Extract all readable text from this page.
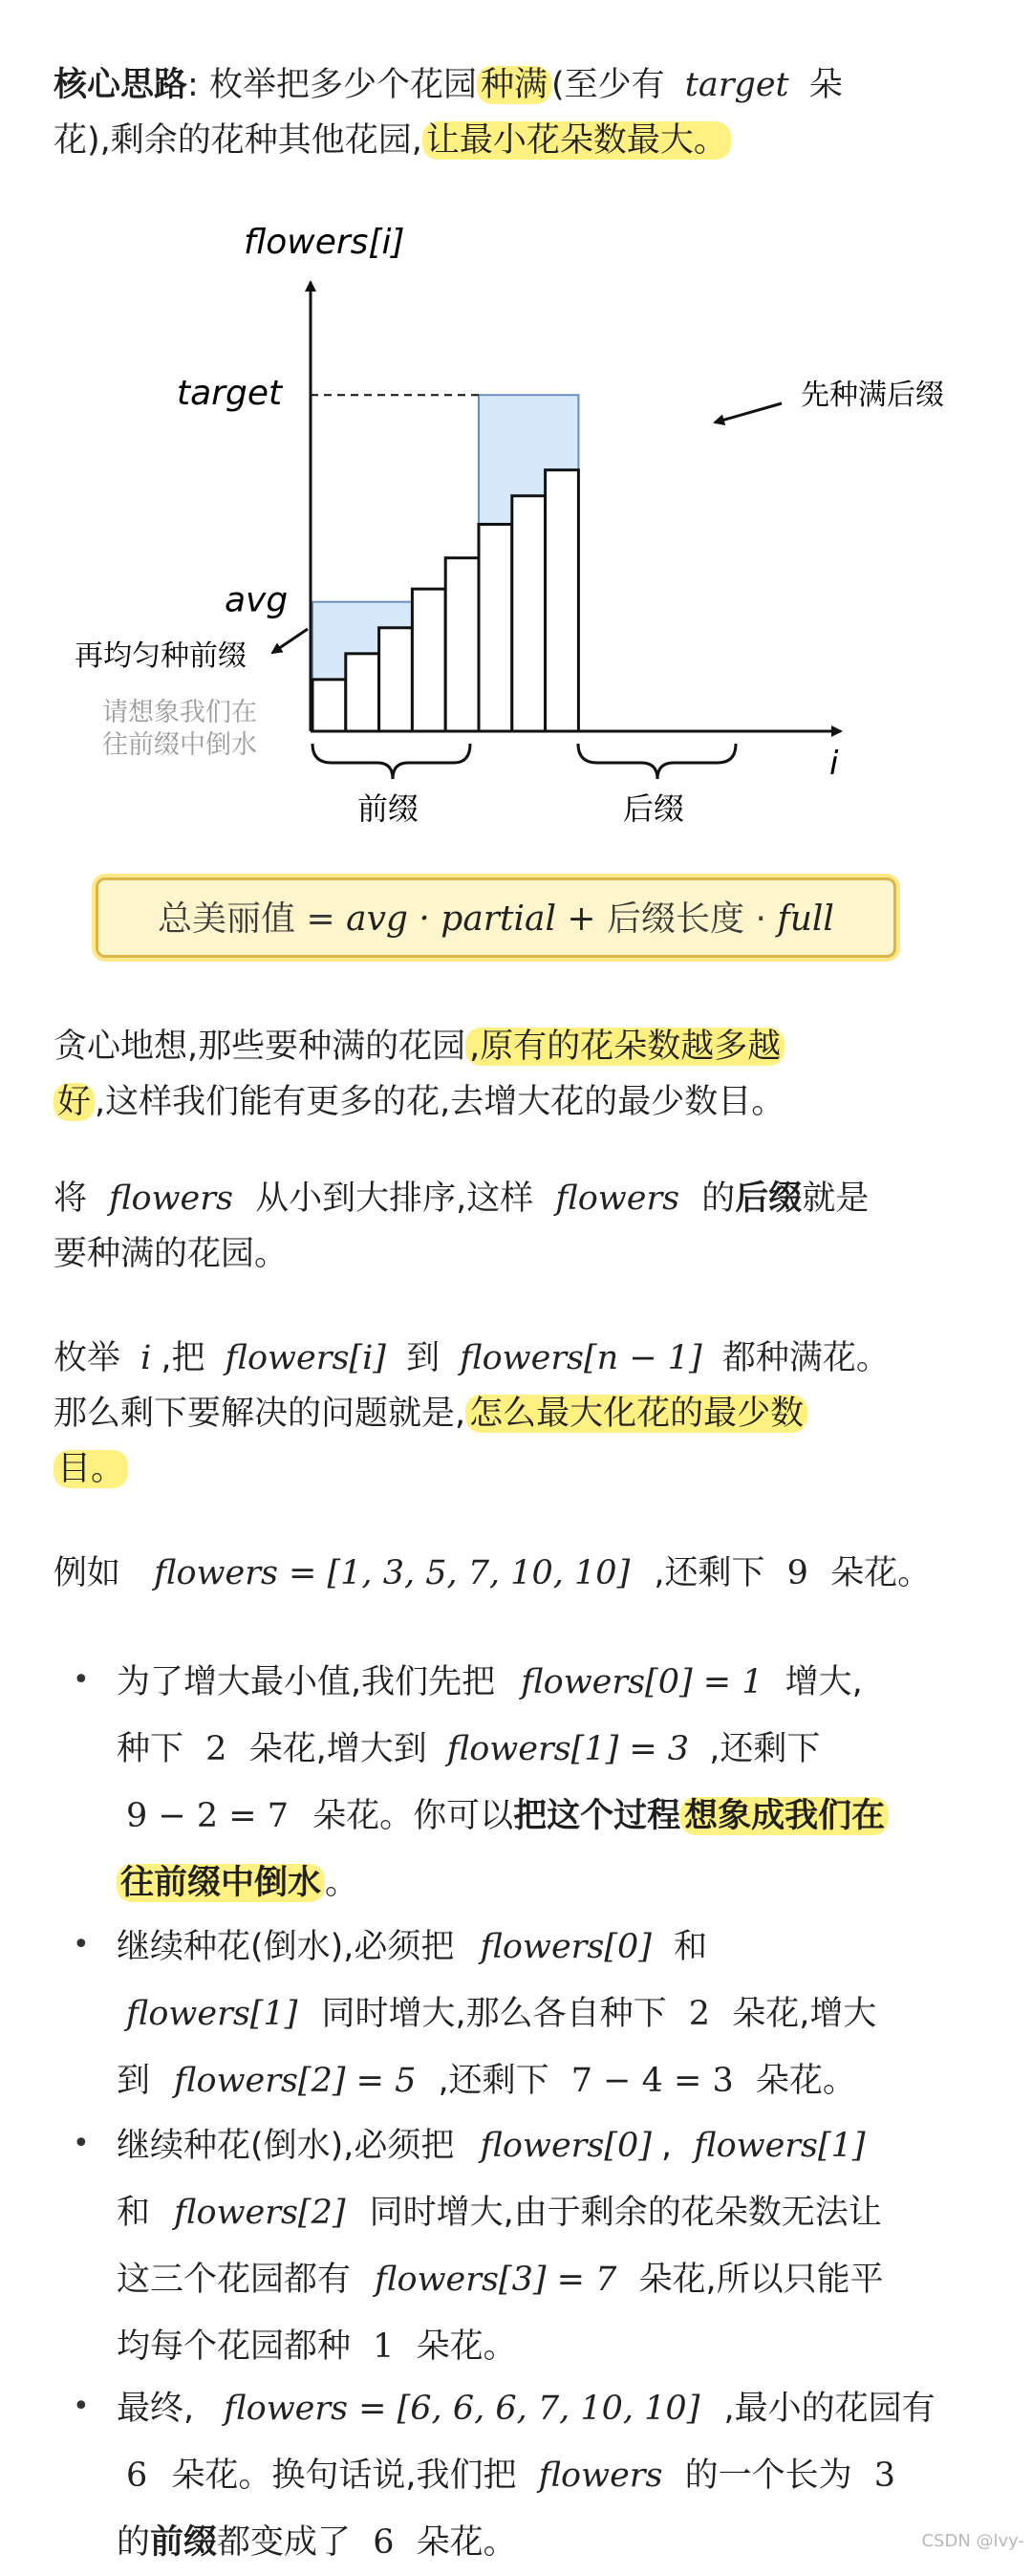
核心思路: 枚举把多少个花园 种满 (至少有 target 朵
花),剩余的花种其他花园, 让最小花朵数最大。
flowers[i]
i
target
avg
先种满后缀
再均匀种前缀
请想象我们在
往前缀中倒水
前缀	后缀
总美丽值 = avg · partial + 后缀长度 · full
贪心地想,那些要种满的花园 ,原有的花朵数越多越
好 ,这样我们能有更多的花,去增大花的最少数目。
将 flowers 从小到大排序,这样 flowers 的后缀就是
要种满的花园。
枚举 i ,把 flowers[i] 到 flowers[n − 1] 都种满花。
那么剩下要解决的问题就是, 怎么最大化花的最少数
目。
例如 flowers = [1, 3, 5, 7, 10, 10] ,还剩下 9 朵花。
• 为了增大最小值,我们先把 flowers[0] = 1 增大,
种下 2 朵花,增大到 flowers[1] = 3 ,还剩下
9 − 2 = 7 朵花。你可以把这个过程 想象成我们在
往前缀中倒水 。
• 继续种花(倒水),必须把 flowers[0] 和
flowers[1] 同时增大,那么各自种下 2 朵花,增大
到 flowers[2] = 5 ,还剩下 7 − 4 = 3 朵花。
• 继续种花(倒水),必须把 flowers[0] , flowers[1]
和 flowers[2] 同时增大,由于剩余的花朵数无法让
这三个花园都有 flowers[3] = 7 朵花,所以只能平
均每个花园都种 1 朵花。
• 最终, flowers = [6, 6, 6, 7, 10, 10] ,最小的花园有
6 朵花。换句话说,我们把 flowers 的一个长为 3
的前缀都变成了 6 朵花。	CSDN @lvy-
